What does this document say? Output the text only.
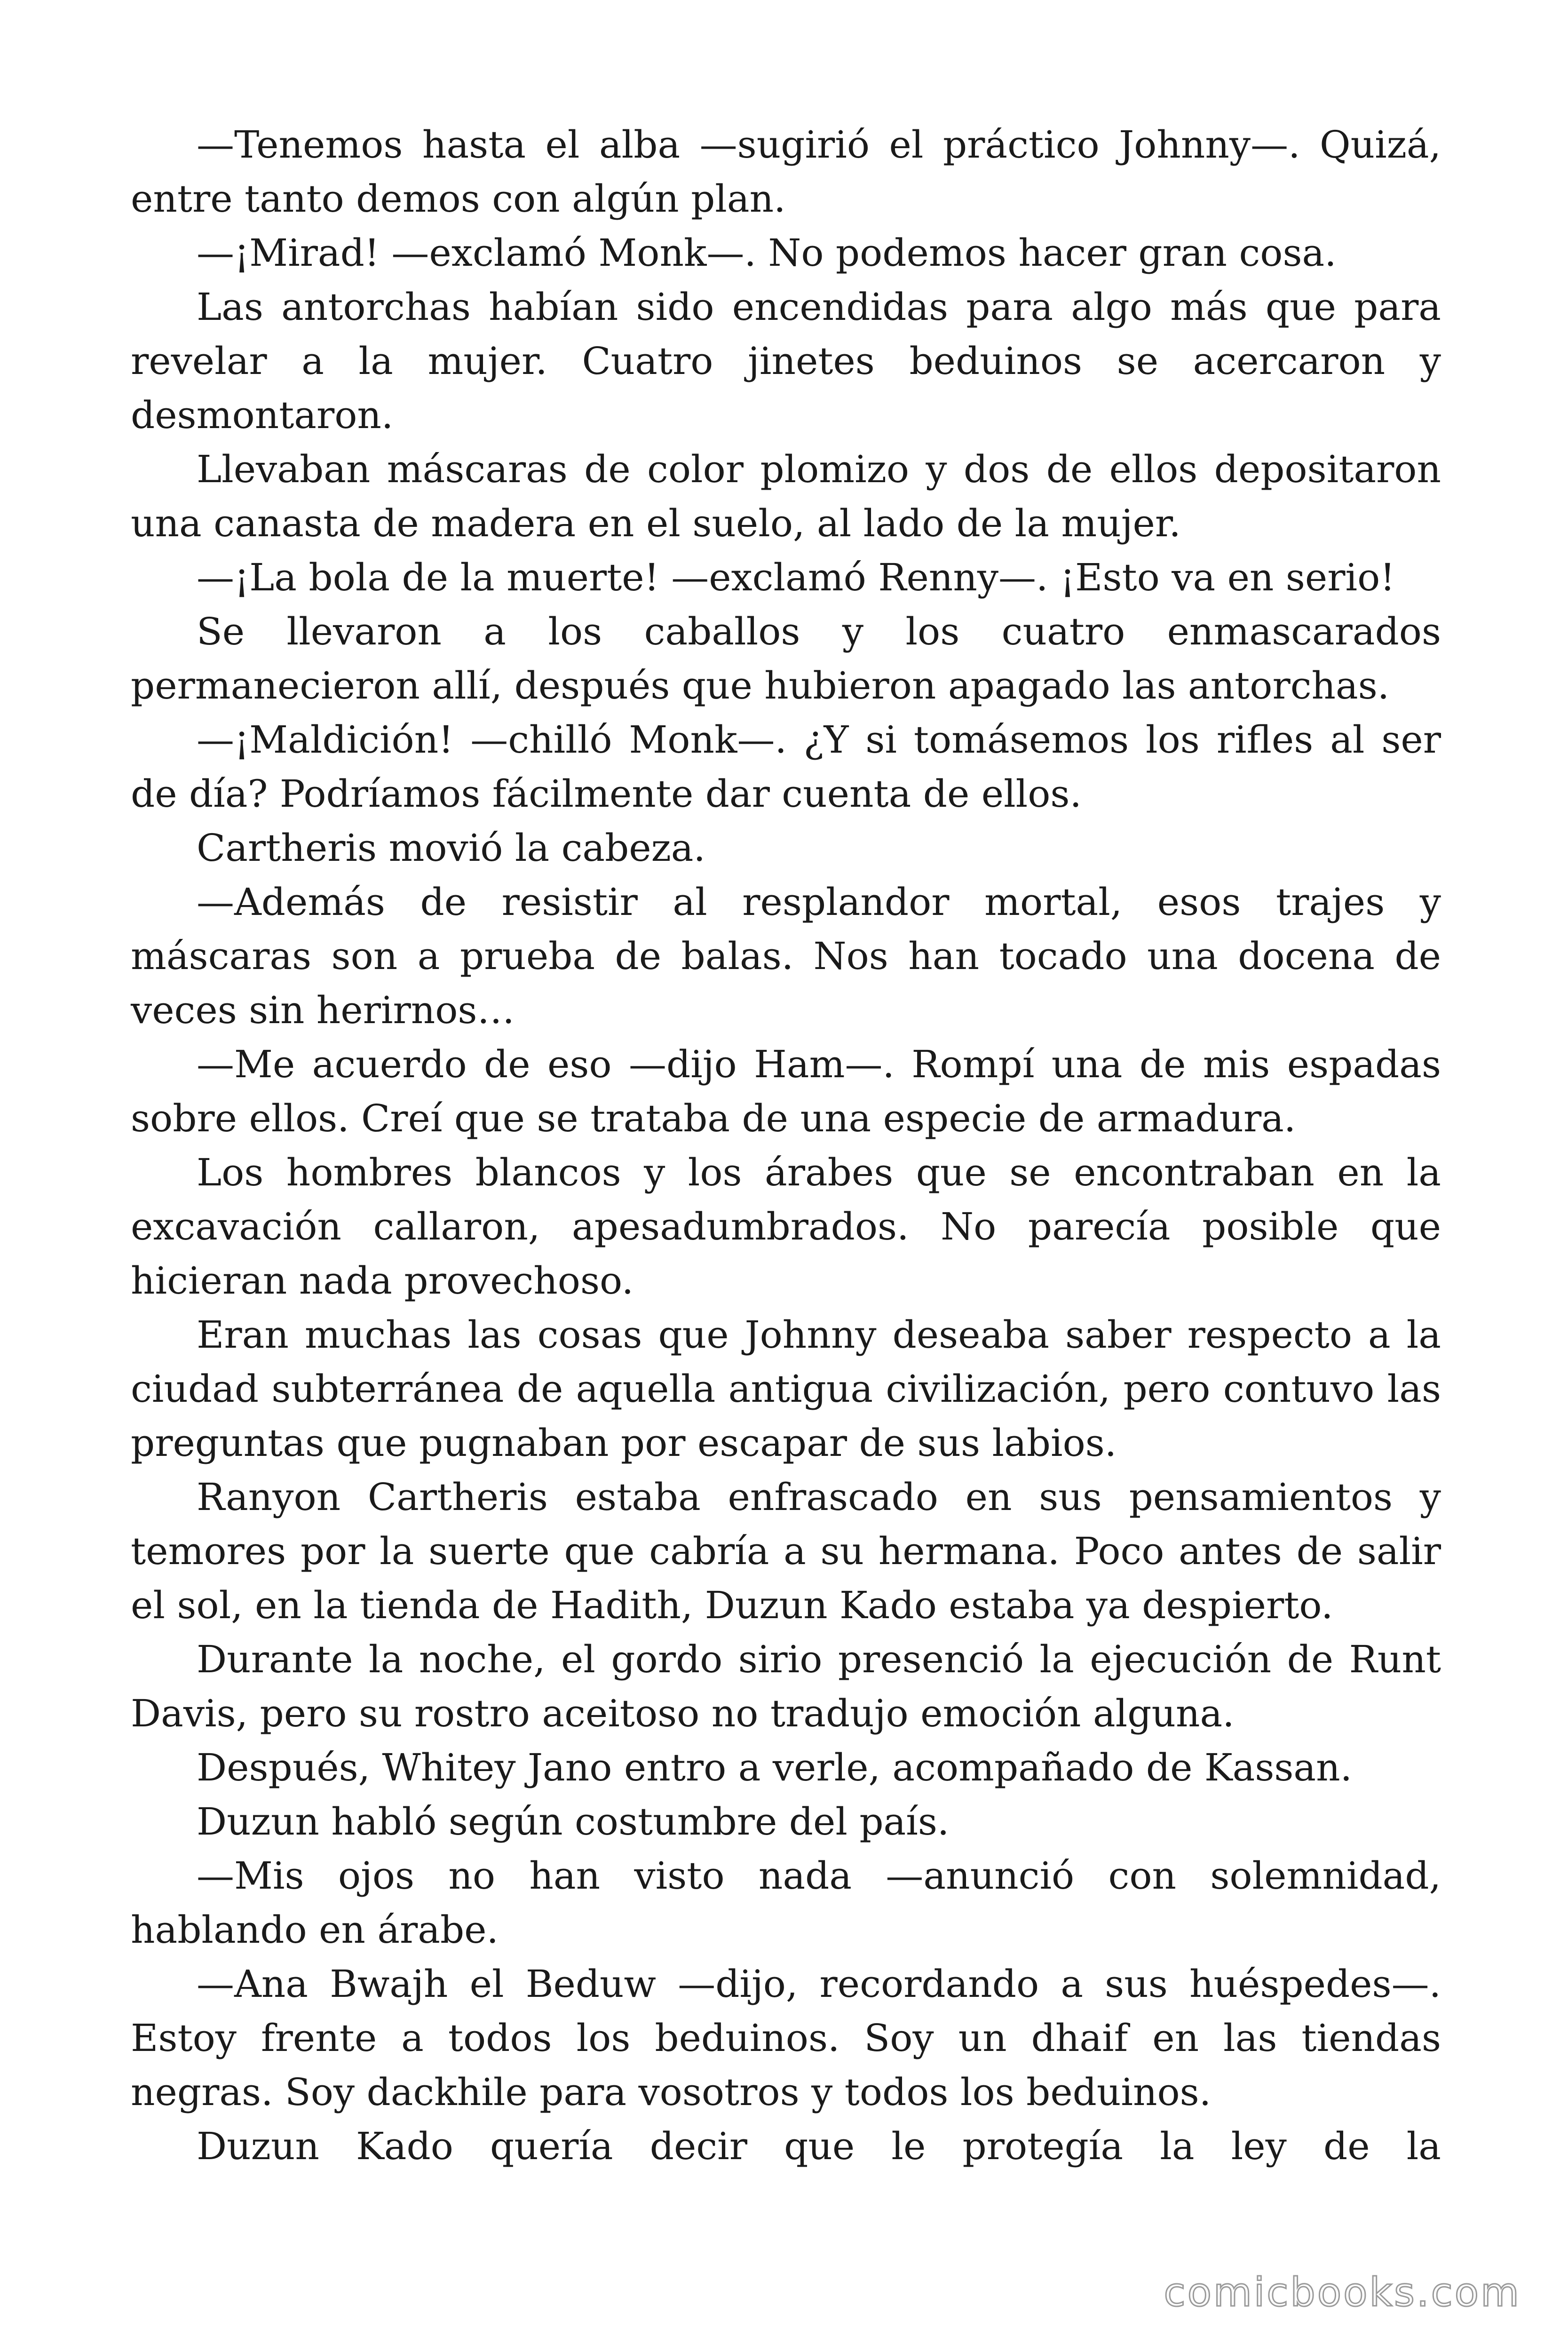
—Tenemos hasta el alba —sugirió el práctico Johnny—. Quizá, entre tanto demos con algún plan.

—¡Mirad! —exclamó Monk—. No podemos hacer gran cosa.

Las antorchas habían sido encendidas para algo más que para revelar a la mujer. Cuatro jinetes beduinos se acercaron y desmontaron.

Llevaban máscaras de color plomizo y dos de ellos depositaron una canasta de madera en el suelo, al lado de la mujer.

—¡La bola de la muerte! —exclamó Renny—. ¡Esto va en serio!

Se llevaron a los caballos y los cuatro enmascarados permanecieron allí, después que hubieron apagado las antorchas.

—¡Maldición! —chilló Monk—. ¿Y si tomásemos los rifles al ser de día? Podríamos fácilmente dar cuenta de ellos.

Cartheris movió la cabeza.

—Además de resistir al resplandor mortal, esos trajes y máscaras son a prueba de balas. Nos han tocado una docena de veces sin herirnos…

—Me acuerdo de eso —dijo Ham—. Rompí una de mis espadas sobre ellos. Creí que se trataba de una especie de armadura.

Los hombres blancos y los árabes que se encontraban en la excavación callaron, apesadumbrados. No parecía posible que hicieran nada provechoso.

Eran muchas las cosas que Johnny deseaba saber respecto a la ciudad subterránea de aquella antigua civilización, pero contuvo las preguntas que pugnaban por escapar de sus labios.

Ranyon Cartheris estaba enfrascado en sus pensamientos y temores por la suerte que cabría a su hermana. Poco antes de salir el sol, en la tienda de Hadith, Duzun Kado estaba ya despierto.

Durante la noche, el gordo sirio presenció la ejecución de Runt Davis, pero su rostro aceitoso no tradujo emoción alguna.

Después, Whitey Jano entro a verle, acompañado de Kassan.

Duzun habló según costumbre del país.

—Mis ojos no han visto nada —anunció con solemnidad, hablando en árabe.

—Ana Bwajh el Beduw —dijo, recordando a sus huéspedes—. Estoy frente a todos los beduinos. Soy un dhaif en las tiendas negras. Soy dackhile para vosotros y todos los beduinos.

Duzun Kado quería decir que le protegía la ley de la

comicbooks.com
